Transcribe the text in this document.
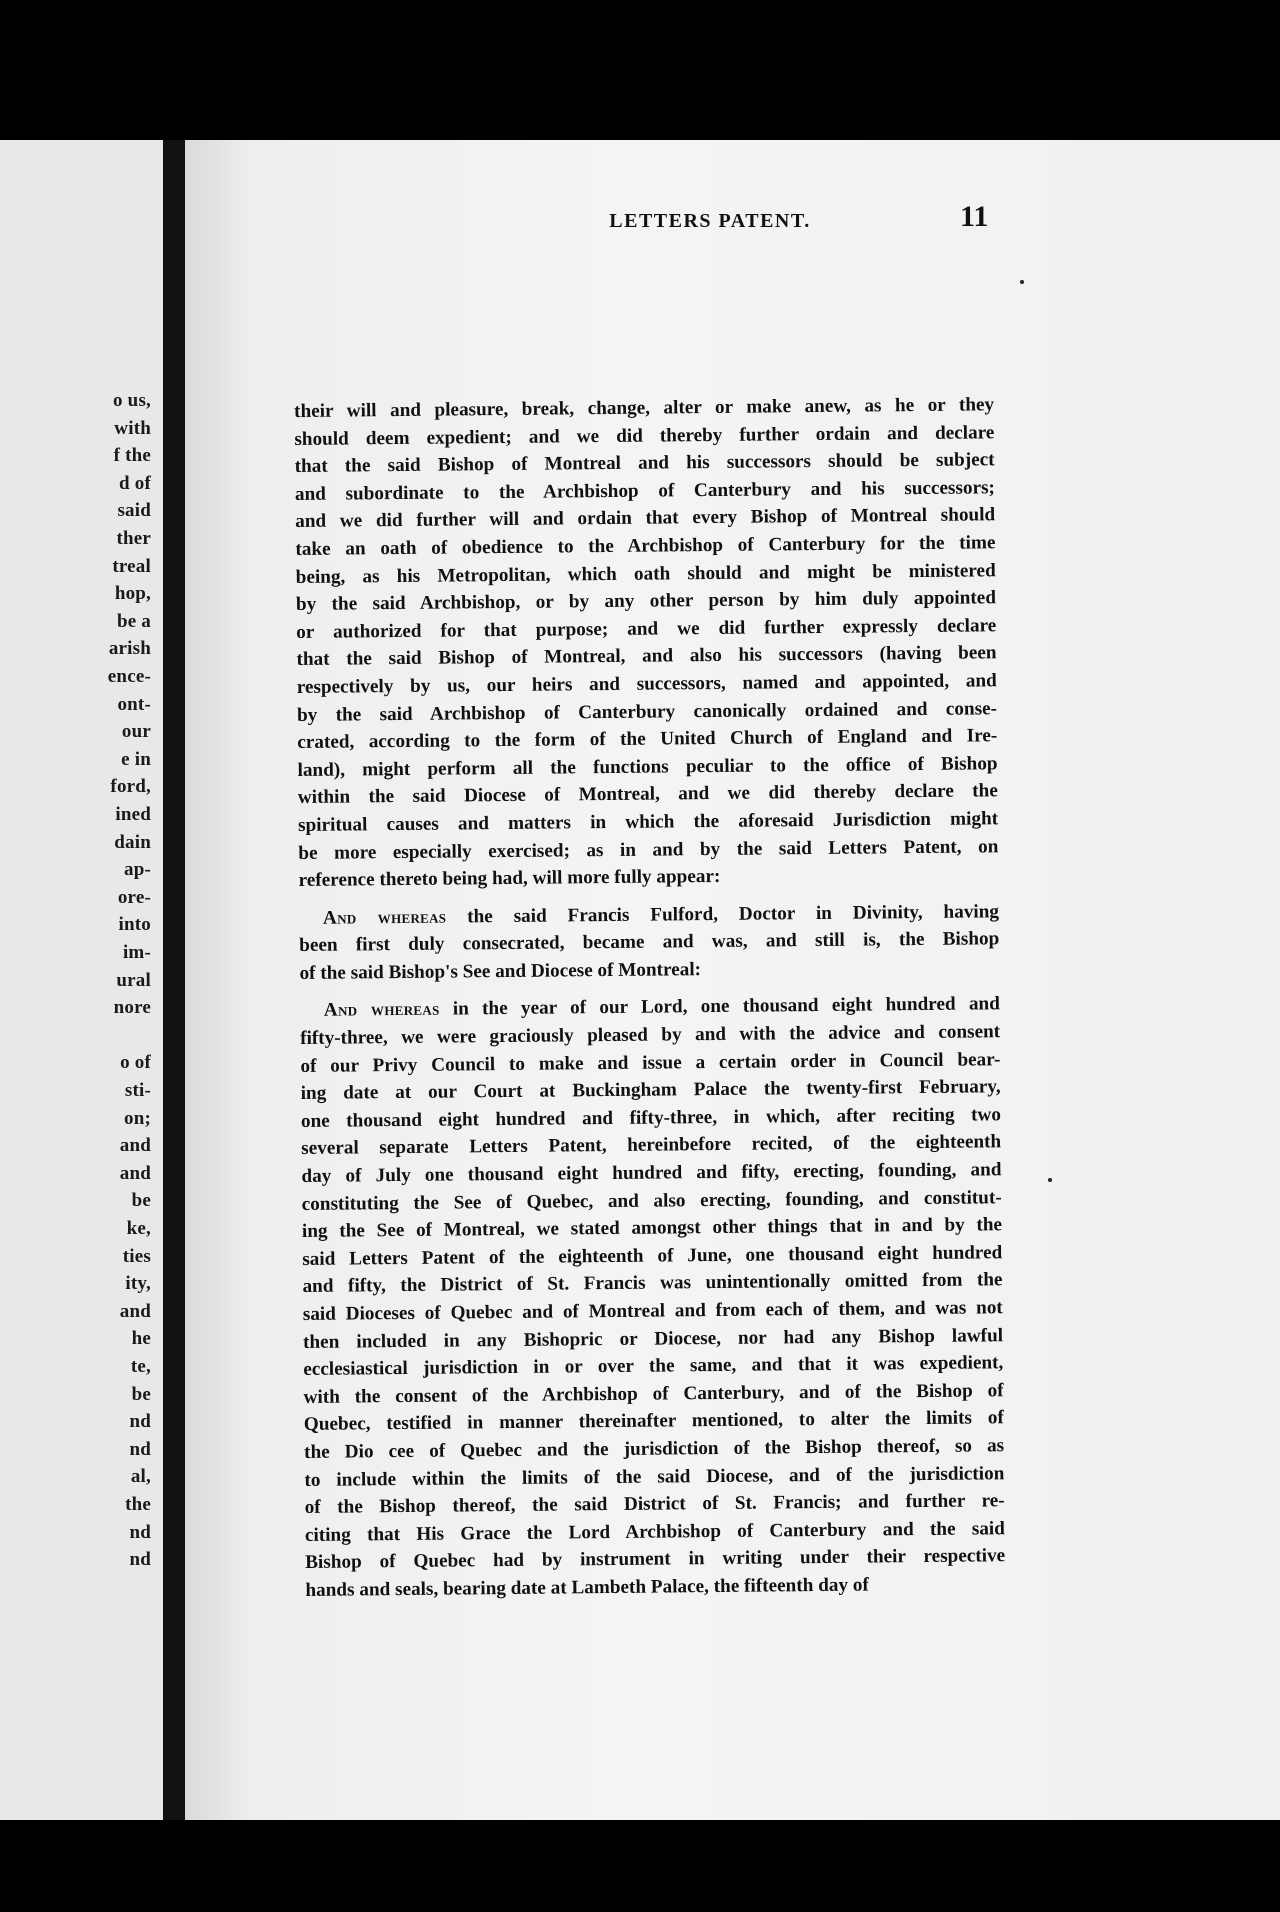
o us,
with
f the
d of
said
ther
treal
hop,
be a
arish
ence-
ont-
our
e in
ford,
ined
dain
ap-
ore-
into
im-
ural
nore
o of
sti-
on;
and
and
be
ke,
ties
ity,
and
he
te,
be
nd
nd
al,
the
nd
nd
LETTERS PATENT.	11
their will and pleasure, break, change, alter or make anew, as he or they
should deem expedient; and we did thereby further ordain and declare
that the said Bishop of Montreal and his successors should be subject
and subordinate to the Archbishop of Canterbury and his successors;
and we did further will and ordain that every Bishop of Montreal should
take an oath of obedience to the Archbishop of Canterbury for the time
being, as his Metropolitan, which oath should and might be ministered
by the said Archbishop, or by any other person by him duly appointed
or authorized for that purpose; and we did further expressly declare
that the said Bishop of Montreal, and also his successors (having been
respectively by us, our heirs and successors, named and appointed, and
by the said Archbishop of Canterbury canonically ordained and conse-
crated, according to the form of the United Church of England and Ire-
land), might perform all the functions peculiar to the office of Bishop
within the said Diocese of Montreal, and we did thereby declare the
spiritual causes and matters in which the aforesaid Jurisdiction might
be more especially exercised; as in and by the said Letters Patent, on
reference thereto being had, will more fully appear:
And whereas the said Francis Fulford, Doctor in Divinity, having
been first duly consecrated, became and was, and still is, the Bishop
of the said Bishop's See and Diocese of Montreal:
And whereas in the year of our Lord, one thousand eight hundred and
fifty-three, we were graciously pleased by and with the advice and consent
of our Privy Council to make and issue a certain order in Council bear-
ing date at our Court at Buckingham Palace the twenty-first February,
one thousand eight hundred and fifty-three, in which, after reciting two
several separate Letters Patent, hereinbefore recited, of the eighteenth
day of July one thousand eight hundred and fifty, erecting, founding, and
constituting the See of Quebec, and also erecting, founding, and constitut-
ing the See of Montreal, we stated amongst other things that in and by the
said Letters Patent of the eighteenth of June, one thousand eight hundred
and fifty, the District of St. Francis was unintentionally omitted from the
said Dioceses of Quebec and of Montreal and from each of them, and was not
then included in any Bishopric or Diocese, nor had any Bishop lawful
ecclesiastical jurisdiction in or over the same, and that it was expedient,
with the consent of the Archbishop of Canterbury, and of the Bishop of
Quebec, testified in manner thereinafter mentioned, to alter the limits of
the Dio cee of Quebec and the jurisdiction of the Bishop thereof, so as
to include within the limits of the said Diocese, and of the jurisdiction
of the Bishop thereof, the said District of St. Francis; and further re-
citing that His Grace the Lord Archbishop of Canterbury and the said
Bishop of Quebec had by instrument in writing under their respective
hands and seals, bearing date at Lambeth Palace, the fifteenth day of
